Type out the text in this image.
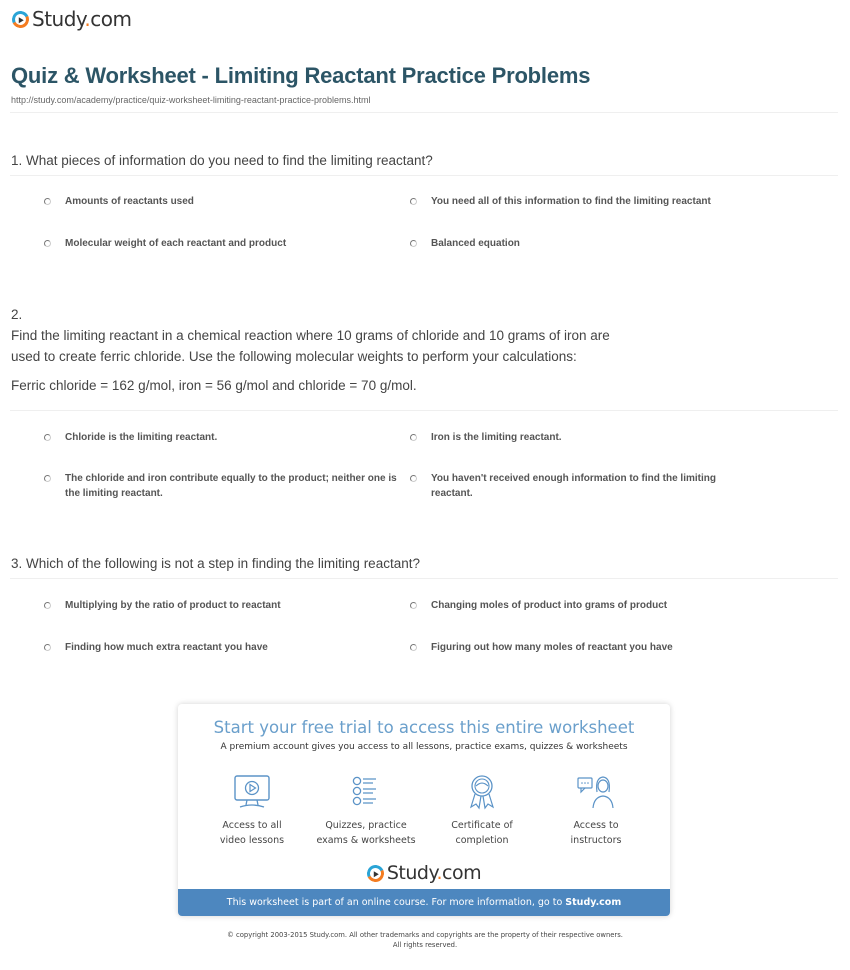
Study.com
Quiz & Worksheet - Limiting Reactant Practice Problems
http://study.com/academy/practice/quiz-worksheet-limiting-reactant-practice-problems.html
1. What pieces of information do you need to find the limiting reactant?
Amounts of reactants used	You need all of this information to find the limiting reactant
Molecular weight of each reactant and product	Balanced equation
2.
Find the limiting reactant in a chemical reaction where 10 grams of chloride and 10 grams of iron are
used to create ferric chloride. Use the following molecular weights to perform your calculations:
Ferric chloride = 162 g/mol, iron = 56 g/mol and chloride = 70 g/mol.
Chloride is the limiting reactant.	Iron is the limiting reactant.
The chloride and iron contribute equally to the product; neither one is the limiting reactant.
You haven't received enough information to find the limiting reactant.
3. Which of the following is not a step in finding the limiting reactant?
Multiplying by the ratio of product to reactant	Changing moles of product into grams of product
Finding how much extra reactant you have	Figuring out how many moles of reactant you have
Start your free trial to access this entire worksheet
A premium account gives you access to all lessons, practice exams, quizzes & worksheets
Access to all
video lessons
Quizzes, practice
exams & worksheets
Certificate of
completion
Access to
instructors
Study.com
This worksheet is part of an online course. For more information, go to Study.com
© copyright 2003-2015 Study.com. All other trademarks and copyrights are the property of their respective owners.
All rights reserved.
